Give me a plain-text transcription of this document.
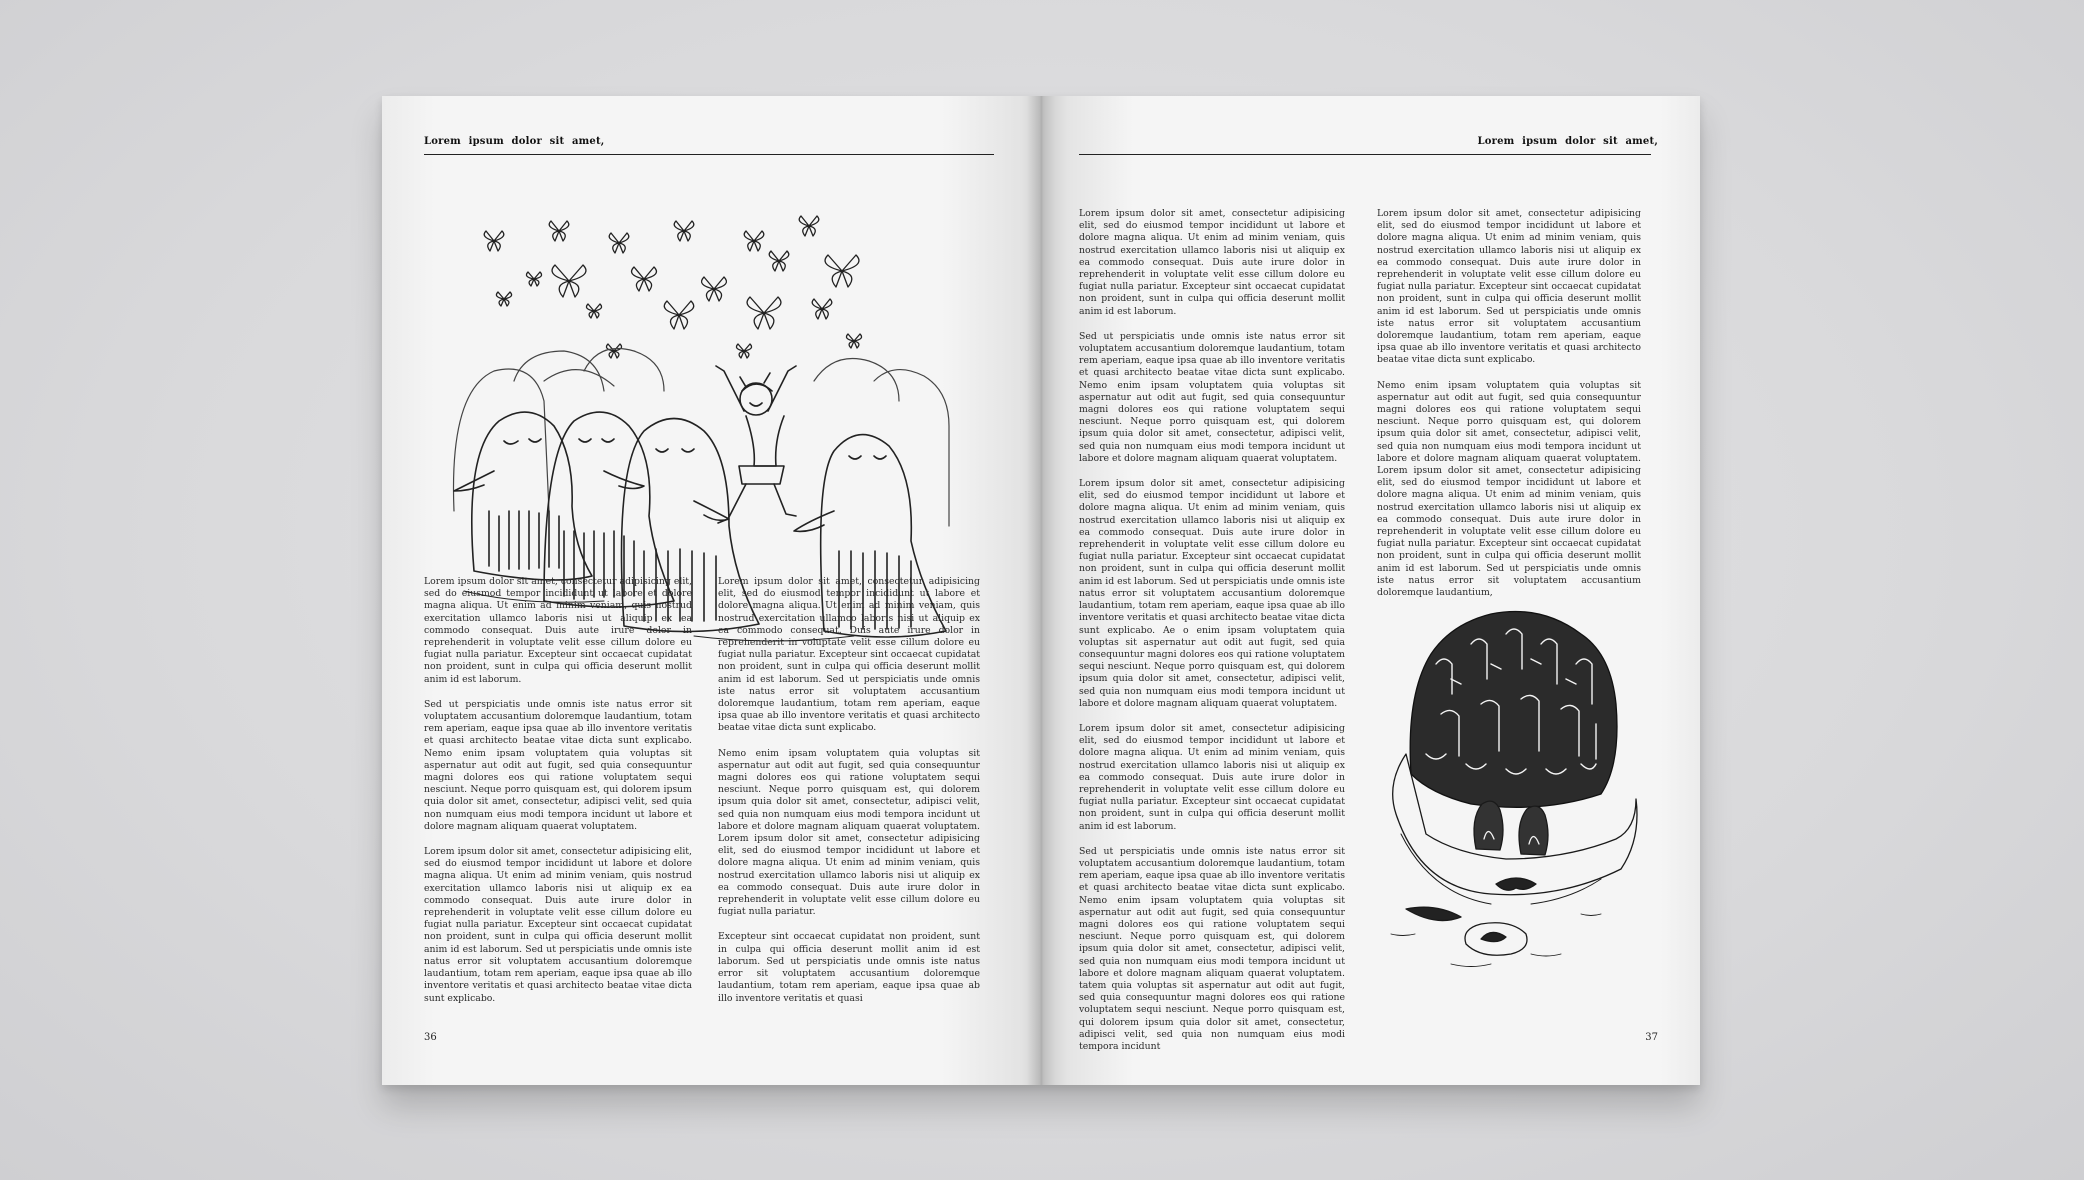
Lorem ipsum dolor sit amet,

Lorem ipsum dolor sit amet, consectetur adipisicing elit, sed do eiusmod tempor incididunt ut labore et dolore magna aliqua. Ut enim ad minim veniam, quis nostrud exercitation ullamco laboris nisi ut aliquip ex ea commodo consequat. Duis aute irure dolor in reprehenderit in voluptate velit esse cillum dolore eu fugiat nulla pariatur. Excepteur sint occaecat cupidatat non proident, sunt in culpa qui officia deserunt mollit anim id est laborum.

Sed ut perspiciatis unde omnis iste natus error sit voluptatem accusantium doloremque laudantium, totam rem aperiam, eaque ipsa quae ab illo inventore veritatis et quasi architecto beatae vitae dicta sunt explicabo. Nemo enim ipsam voluptatem quia voluptas sit aspernatur aut odit aut fugit, sed quia consequuntur magni dolores eos qui ratione voluptatem sequi nesciunt. Neque porro quisquam est, qui dolorem ipsum quia dolor sit amet, consectetur, adipisci velit, sed quia non numquam eius modi tempora incidunt ut labore et dolore magnam aliquam quaerat voluptatem.

Lorem ipsum dolor sit amet, consectetur adipisicing elit, sed do eiusmod tempor incididunt ut labore et dolore magna aliqua. Ut enim ad minim veniam, quis nostrud exercitation ullamco laboris nisi ut aliquip ex ea commodo consequat. Duis aute irure dolor in reprehenderit in voluptate velit esse cillum dolore eu fugiat nulla pariatur. Excepteur sint occaecat cupidatat non proident, sunt in culpa qui officia deserunt mollit anim id est laborum. Sed ut perspiciatis unde omnis iste natus error sit voluptatem accusantium doloremque laudantium, totam rem aperiam, eaque ipsa quae ab illo inventore veritatis et quasi architecto beatae vitae dicta sunt explicabo.

Lorem ipsum dolor sit amet, consectetur adipisicing elit, sed do eiusmod tempor incididunt ut labore et dolore magna aliqua. Ut enim ad minim veniam, quis nostrud exercitation ullamco laboris nisi ut aliquip ex ea commodo consequat. Duis aute irure dolor in reprehenderit in voluptate velit esse cillum dolore eu fugiat nulla pariatur. Excepteur sint occaecat cupidatat non proident, sunt in culpa qui officia deserunt mollit anim id est laborum. Sed ut perspiciatis unde omnis iste natus error sit voluptatem accusantium doloremque laudantium, totam rem aperiam, eaque ipsa quae ab illo inventore veritatis et quasi architecto beatae vitae dicta sunt explicabo.

Nemo enim ipsam voluptatem quia voluptas sit aspernatur aut odit aut fugit, sed quia consequuntur magni dolores eos qui ratione voluptatem sequi nesciunt. Neque porro quisquam est, qui dolorem ipsum quia dolor sit amet, consectetur, adipisci velit, sed quia non numquam eius modi tempora incidunt ut labore et dolore magnam aliquam quaerat voluptatem. Lorem ipsum dolor sit amet, consectetur adipisicing elit, sed do eiusmod tempor incididunt ut labore et dolore magna aliqua. Ut enim ad minim veniam, quis nostrud exercitation ullamco laboris nisi ut aliquip ex ea commodo consequat. Duis aute irure dolor in reprehenderit in voluptate velit esse cillum dolore eu fugiat nulla pariatur.

Excepteur sint occaecat cupidatat non proident, sunt in culpa qui officia deserunt mollit anim id est laborum. Sed ut perspiciatis unde omnis iste natus error sit voluptatem accusantium doloremque laudantium, totam rem aperiam, eaque ipsa quae ab illo inventore veritatis et quasi

36
Lorem ipsum dolor sit amet,

Lorem ipsum dolor sit amet, consectetur adipisicing elit, sed do eiusmod tempor incididunt ut labore et dolore magna aliqua. Ut enim ad minim veniam, quis nostrud exercitation ullamco laboris nisi ut aliquip ex ea commodo consequat. Duis aute irure dolor in reprehenderit in voluptate velit esse cillum dolore eu fugiat nulla pariatur. Excepteur sint occaecat cupidatat non proident, sunt in culpa qui officia deserunt mollit anim id est laborum.

Sed ut perspiciatis unde omnis iste natus error sit voluptatem accusantium doloremque laudantium, totam rem aperiam, eaque ipsa quae ab illo inventore veritatis et quasi architecto beatae vitae dicta sunt explicabo. Nemo enim ipsam voluptatem quia voluptas sit aspernatur aut odit aut fugit, sed quia consequuntur magni dolores eos qui ratione voluptatem sequi nesciunt. Neque porro quisquam est, qui dolorem ipsum quia dolor sit amet, consectetur, adipisci velit, sed quia non numquam eius modi tempora incidunt ut labore et dolore magnam aliquam quaerat voluptatem.

Lorem ipsum dolor sit amet, consectetur adipisicing elit, sed do eiusmod tempor incididunt ut labore et dolore magna aliqua. Ut enim ad minim veniam, quis nostrud exercitation ullamco laboris nisi ut aliquip ex ea commodo consequat. Duis aute irure dolor in reprehenderit in voluptate velit esse cillum dolore eu fugiat nulla pariatur. Excepteur sint occaecat cupidatat non proident, sunt in culpa qui officia deserunt mollit anim id est laborum. Sed ut perspiciatis unde omnis iste natus error sit voluptatem accusantium doloremque laudantium, totam rem aperiam, eaque ipsa quae ab illo inventore veritatis et quasi architecto beatae vitae dicta sunt explicabo. Ae o enim ipsam voluptatem quia voluptas sit aspernatur aut odit aut fugit, sed quia consequuntur magni dolores eos qui ratione voluptatem sequi nesciunt. Neque porro quisquam est, qui dolorem ipsum quia dolor sit amet, consectetur, adipisci velit, sed quia non numquam eius modi tempora incidunt ut labore et dolore magnam aliquam quaerat voluptatem.

Lorem ipsum dolor sit amet, consectetur adipisicing elit, sed do eiusmod tempor incididunt ut labore et dolore magna aliqua. Ut enim ad minim veniam, quis nostrud exercitation ullamco laboris nisi ut aliquip ex ea commodo consequat. Duis aute irure dolor in reprehenderit in voluptate velit esse cillum dolore eu fugiat nulla pariatur. Excepteur sint occaecat cupidatat non proident, sunt in culpa qui officia deserunt mollit anim id est laborum.

Sed ut perspiciatis unde omnis iste natus error sit voluptatem accusantium doloremque laudantium, totam rem aperiam, eaque ipsa quae ab illo inventore veritatis et quasi architecto beatae vitae dicta sunt explicabo. Nemo enim ipsam voluptatem quia voluptas sit aspernatur aut odit aut fugit, sed quia consequuntur magni dolores eos qui ratione voluptatem sequi nesciunt. Neque porro quisquam est, qui dolorem ipsum quia dolor sit amet, consectetur, adipisci velit, sed quia non numquam eius modi tempora incidunt ut labore et dolore magnam aliquam quaerat voluptatem. tatem quia voluptas sit aspernatur aut odit aut fugit, sed quia consequuntur magni dolores eos qui ratione voluptatem sequi nesciunt. Neque porro quisquam est, qui dolorem ipsum quia dolor sit amet, consectetur, adipisci velit, sed quia non numquam eius modi tempora incidunt

Lorem ipsum dolor sit amet, consectetur adipisicing elit, sed do eiusmod tempor incididunt ut labore et dolore magna aliqua. Ut enim ad minim veniam, quis nostrud exercitation ullamco laboris nisi ut aliquip ex ea commodo consequat. Duis aute irure dolor in reprehenderit in voluptate velit esse cillum dolore eu fugiat nulla pariatur. Excepteur sint occaecat cupidatat non proident, sunt in culpa qui officia deserunt mollit anim id est laborum. Sed ut perspiciatis unde omnis iste natus error sit voluptatem accusantium doloremque laudantium, totam rem aperiam, eaque ipsa quae ab illo inventore veritatis et quasi architecto beatae vitae dicta sunt explicabo.

Nemo enim ipsam voluptatem quia voluptas sit aspernatur aut odit aut fugit, sed quia consequuntur magni dolores eos qui ratione voluptatem sequi nesciunt. Neque porro quisquam est, qui dolorem ipsum quia dolor sit amet, consectetur, adipisci velit, sed quia non numquam eius modi tempora incidunt ut labore et dolore magnam aliquam quaerat voluptatem. Lorem ipsum dolor sit amet, consectetur adipisicing elit, sed do eiusmod tempor incididunt ut labore et dolore magna aliqua. Ut enim ad minim veniam, quis nostrud exercitation ullamco laboris nisi ut aliquip ex ea commodo consequat. Duis aute irure dolor in reprehenderit in voluptate velit esse cillum dolore eu fugiat nulla pariatur. Excepteur sint occaecat cupidatat non proident, sunt in culpa qui officia deserunt mollit anim id est laborum. Sed ut perspiciatis unde omnis iste natus error sit voluptatem accusantium doloremque laudantium,

37
